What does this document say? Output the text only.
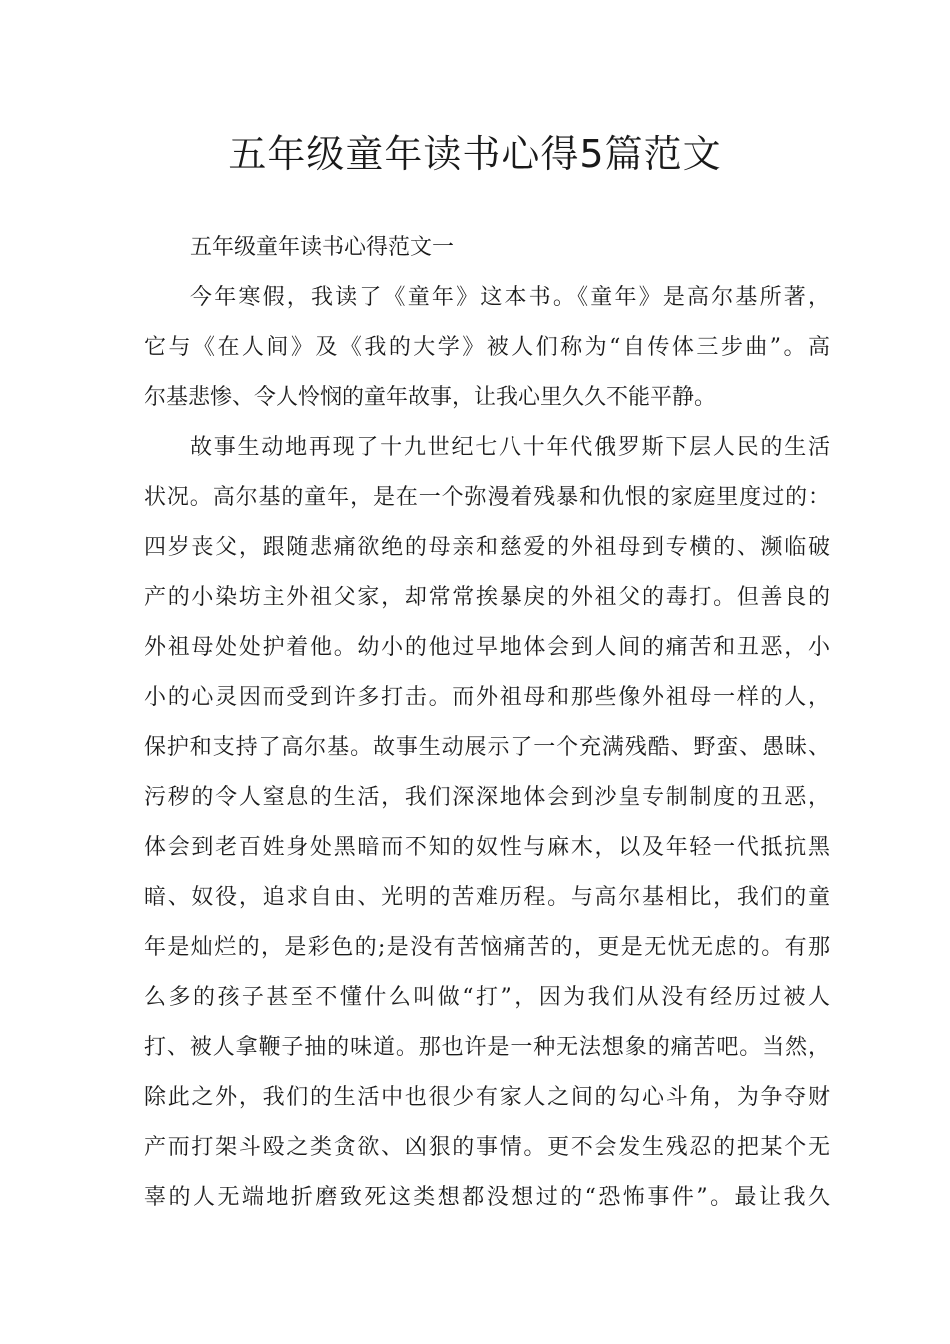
五年级童年读书心得5篇范文
五年级童年读书心得范文一
今年寒假，我读了《童年》这本书。《童年》是高尔基所著，
它与《在人间》及《我的大学》被人们称为“自传体三步曲”。高
尔基悲惨、令人怜悯的童年故事，让我心里久久不能平静。
故事生动地再现了十九世纪七八十年代俄罗斯下层人民的生活
状况。高尔基的童年，是在一个弥漫着残暴和仇恨的家庭里度过的：
四岁丧父，跟随悲痛欲绝的母亲和慈爱的外祖母到专横的、濒临破
产的小染坊主外祖父家，却常常挨暴戾的外祖父的毒打。但善良的
外祖母处处护着他。幼小的他过早地体会到人间的痛苦和丑恶，小
小的心灵因而受到许多打击。而外祖母和那些像外祖母一样的人，
保护和支持了高尔基。故事生动展示了一个充满残酷、野蛮、愚昧、
污秽的令人窒息的生活，我们深深地体会到沙皇专制制度的丑恶，
体会到老百姓身处黑暗而不知的奴性与麻木，以及年轻一代抵抗黑
暗、奴役，追求自由、光明的苦难历程。与高尔基相比，我们的童
年是灿烂的，是彩色的;是没有苦恼痛苦的，更是无忧无虑的。有那
么多的孩子甚至不懂什么叫做“打”，因为我们从没有经历过被人
打、被人拿鞭子抽的味道。那也许是一种无法想象的痛苦吧。当然，
除此之外，我们的生活中也很少有家人之间的勾心斗角，为争夺财
产而打架斗殴之类贪欲、凶狠的事情。更不会发生残忍的把某个无
辜的人无端地折磨致死这类想都没想过的“恐怖事件”。最让我久
